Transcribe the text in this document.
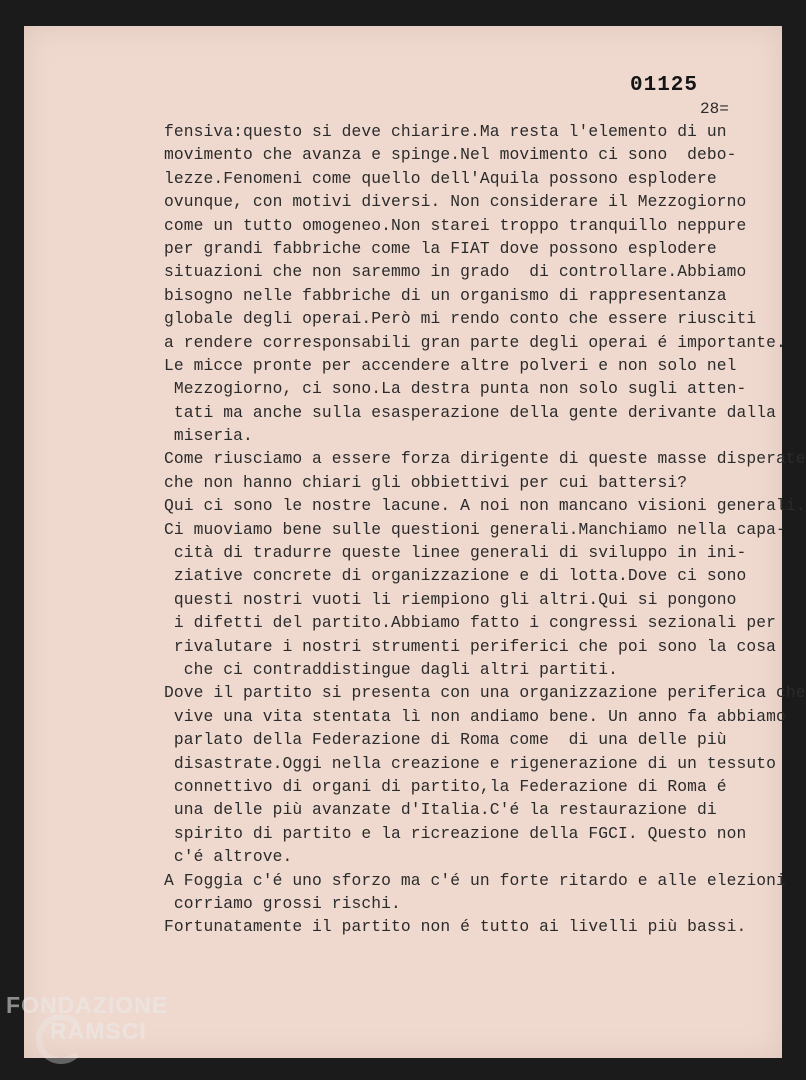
01125
28=
fensiva:questo si deve chiarire.Ma resta l'elemento di un
movimento che avanza e spinge.Nel movimento ci sono  debo-
lezze.Fenomeni come quello dell'Aquila possono esplodere
ovunque, con motivi diversi. Non considerare il Mezzogiorno
come un tutto omogeneo.Non starei troppo tranquillo neppure
per grandi fabbriche come la FIAT dove possono esplodere
situazioni che non saremmo in grado  di controllare.Abbiamo
bisogno nelle fabbriche di un organismo di rappresentanza
globale degli operai.Però mi rendo conto che essere riusciti
a rendere corresponsabili gran parte degli operai é importante.
Le micce pronte per accendere altre polveri e non solo nel
Mezzogiorno, ci sono.La destra punta non solo sugli atten-
tati ma anche sulla esasperazione della gente derivante dalla
miseria.
Come riusciamo a essere forza dirigente di queste masse disperate
che non hanno chiari gli obbiettivi per cui battersi?
Qui ci sono le nostre lacune. A noi non mancano visioni generali.
Ci muoviamo bene sulle questioni generali.Manchiamo nella capa-
cità di tradurre queste linee generali di sviluppo in ini-
ziative concrete di organizzazione e di lotta.Dove ci sono
questi nostri vuoti li riempiono gli altri.Qui si pongono
i difetti del partito.Abbiamo fatto i congressi sezionali per
rivalutare i nostri strumenti periferici che poi sono la cosa
che ci contraddistingue dagli altri partiti.
Dove il partito si presenta con una organizzazione periferica che
vive una vita stentata lì non andiamo bene. Un anno fa abbiamo
parlato della Federazione di Roma come  di una delle più
disastrate.Oggi nella creazione e rigenerazione di un tessuto
connettivo di organi di partito,la Federazione di Roma é
una delle più avanzate d'Italia.C'é la restaurazione di
spirito di partito e la ricreazione della FGCI. Questo non
c'é altrove.
A Foggia c'é uno sforzo ma c'é un forte ritardo e alle elezioni
corriamo grossi rischi.
Fortunatamente il partito non é tutto ai livelli più bassi.
FONDAZIONE
RAMSCI
